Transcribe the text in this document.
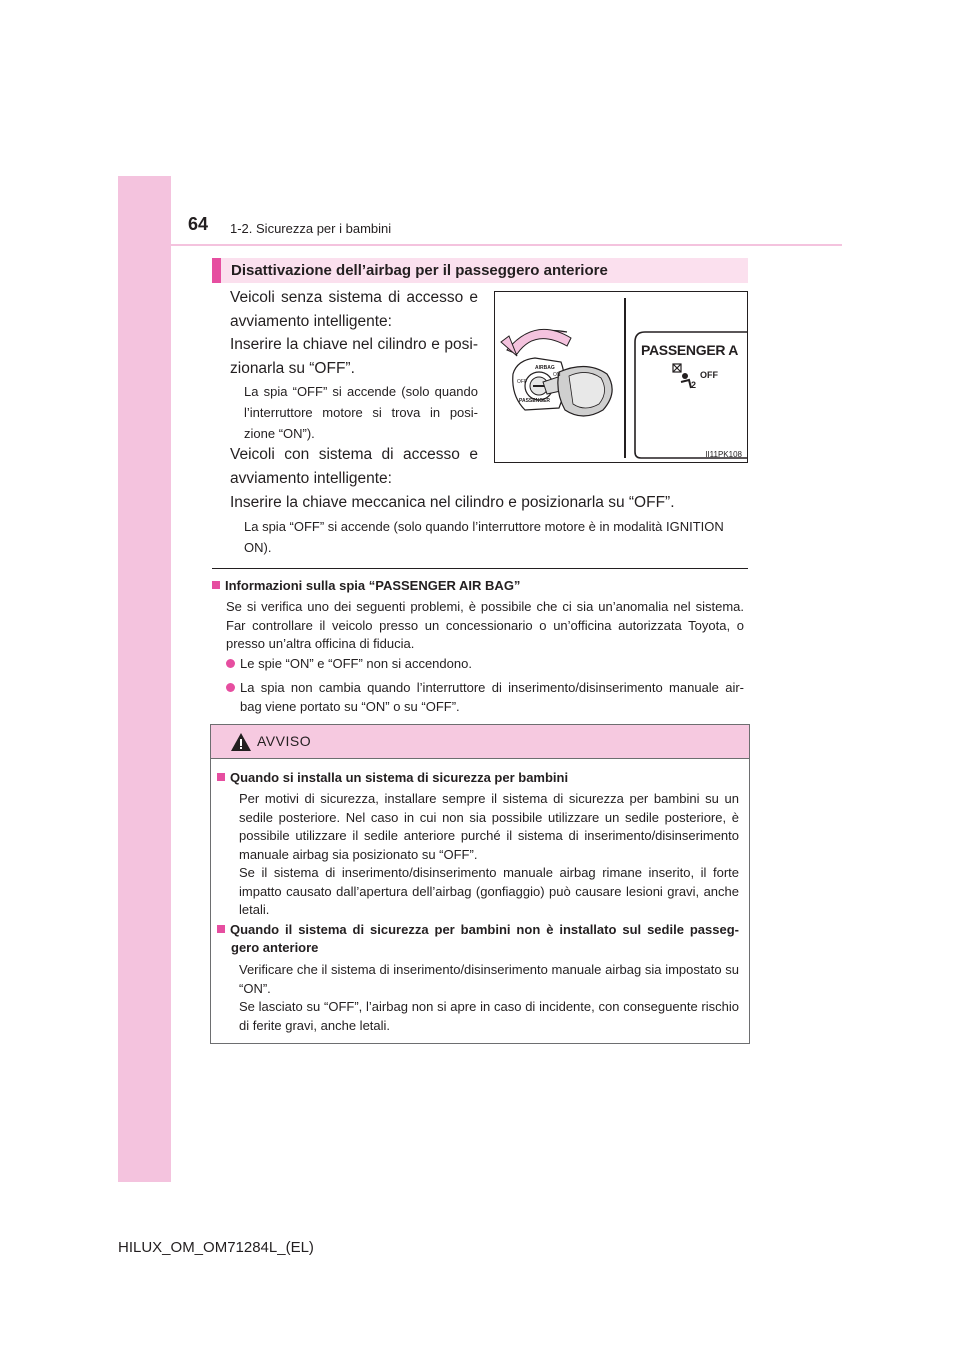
64 1-2. Sicurezza per i bambini
Disattivazione dell’airbag per il passeggero anteriore
Veicoli senza sistema di accesso e
avviamento intelligente:
Inserire la chiave nel cilindro e posi-
zionarla su “OFF”.
La spia “OFF” si accende (solo quando
l’interruttore motore si trova in posi-
zione “ON”).
Veicoli con sistema di accesso e
avviamento intelligente:
Inserire la chiave meccanica nel cilindro e posizionarla su “OFF”.
La spia “OFF” si accende (solo quando l’interruttore motore è in modalità IGNITION
ON).
AIRBAG
OFF
ON
PASSENGER
PASSENGER A
OFF
2
II11PK108
Informazioni sulla spia “PASSENGER AIR BAG”
Se si verifica uno dei seguenti problemi, è possibile che ci sia un’anomalia nel sistema. Far controllare il veicolo presso un concessionario o un’officina autorizzata Toyota, o presso un’altra officina di fiducia.
Le spie “ON” e “OFF” non si accendono.
La spia non cambia quando l’interruttore di inserimento/disinserimento manuale air-
bag viene portato su “ON” o su “OFF”.
AVVISO
Quando si installa un sistema di sicurezza per bambini
Per motivi di sicurezza, installare sempre il sistema di sicurezza per bambini su un sedile posteriore. Nel caso in cui non sia possibile utilizzare un sedile posteriore, è possibile utilizzare il sedile anteriore purché il sistema di inserimento/disinserimento manuale airbag sia posizionato su “OFF”.
Se il sistema di inserimento/disinserimento manuale airbag rimane inserito, il forte impatto causato dall’apertura dell’airbag (gonfiaggio) può causare lesioni gravi, anche letali.
Quando il sistema di sicurezza per bambini non è installato sul sedile passeg-
gero anteriore
Verificare che il sistema di inserimento/disinserimento manuale airbag sia impostato su “ON”.
Se lasciato su “OFF”, l’airbag non si apre in caso di incidente, con conseguente rischio di ferite gravi, anche letali.
HILUX_OM_OM71284L_(EL)
